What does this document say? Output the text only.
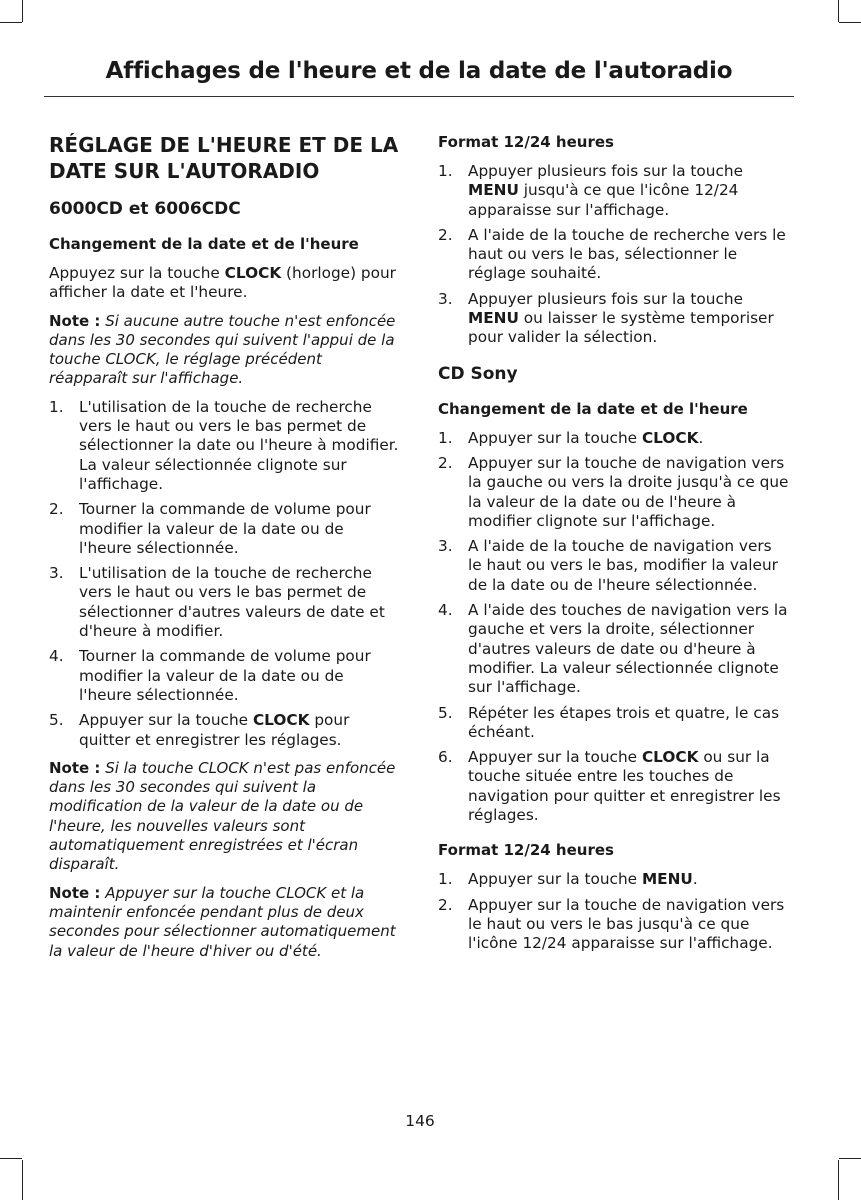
Affichages de l'heure et de la date de l'autoradio
RÉGLAGE DE L'HEURE ET DE LA DATE SUR L'AUTORADIO
6000CD et 6006CDC
Changement de la date et de l'heure
Appuyez sur la touche CLOCK (horloge) pour afficher la date et l'heure.
Note : Si aucune autre touche n'est enfoncée dans les 30 secondes qui suivent l'appui de la touche CLOCK, le réglage précédent réapparaît sur l'affichage.
1. L'utilisation de la touche de recherche vers le haut ou vers le bas permet de sélectionner la date ou l'heure à modifier. La valeur sélectionnée clignote sur l'affichage.
2. Tourner la commande de volume pour modifier la valeur de la date ou de l'heure sélectionnée.
3. L'utilisation de la touche de recherche vers le haut ou vers le bas permet de sélectionner d'autres valeurs de date et d'heure à modifier.
4. Tourner la commande de volume pour modifier la valeur de la date ou de l'heure sélectionnée.
5. Appuyer sur la touche CLOCK pour quitter et enregistrer les réglages.
Note : Si la touche CLOCK n'est pas enfoncée dans les 30 secondes qui suivent la modification de la valeur de la date ou de l'heure, les nouvelles valeurs sont automatiquement enregistrées et l'écran disparaît.
Note : Appuyer sur la touche CLOCK et la maintenir enfoncée pendant plus de deux secondes pour sélectionner automatiquement la valeur de l'heure d'hiver ou d'été.
Format 12/24 heures
1. Appuyer plusieurs fois sur la touche MENU jusqu'à ce que l'icône 12/24 apparaisse sur l'affichage.
2. A l'aide de la touche de recherche vers le haut ou vers le bas, sélectionner le réglage souhaité.
3. Appuyer plusieurs fois sur la touche MENU ou laisser le système temporiser pour valider la sélection.
CD Sony
Changement de la date et de l'heure
1. Appuyer sur la touche CLOCK.
2. Appuyer sur la touche de navigation vers la gauche ou vers la droite jusqu'à ce que la valeur de la date ou de l'heure à modifier clignote sur l'affichage.
3. A l'aide de la touche de navigation vers le haut ou vers le bas, modifier la valeur de la date ou de l'heure sélectionnée.
4. A l'aide des touches de navigation vers la gauche et vers la droite, sélectionner d'autres valeurs de date ou d'heure à modifier. La valeur sélectionnée clignote sur l'affichage.
5. Répéter les étapes trois et quatre, le cas échéant.
6. Appuyer sur la touche CLOCK ou sur la touche située entre les touches de navigation pour quitter et enregistrer les réglages.
Format 12/24 heures
1. Appuyer sur la touche MENU.
2. Appuyer sur la touche de navigation vers le haut ou vers le bas jusqu'à ce que l'icône 12/24 apparaisse sur l'affichage.
146
